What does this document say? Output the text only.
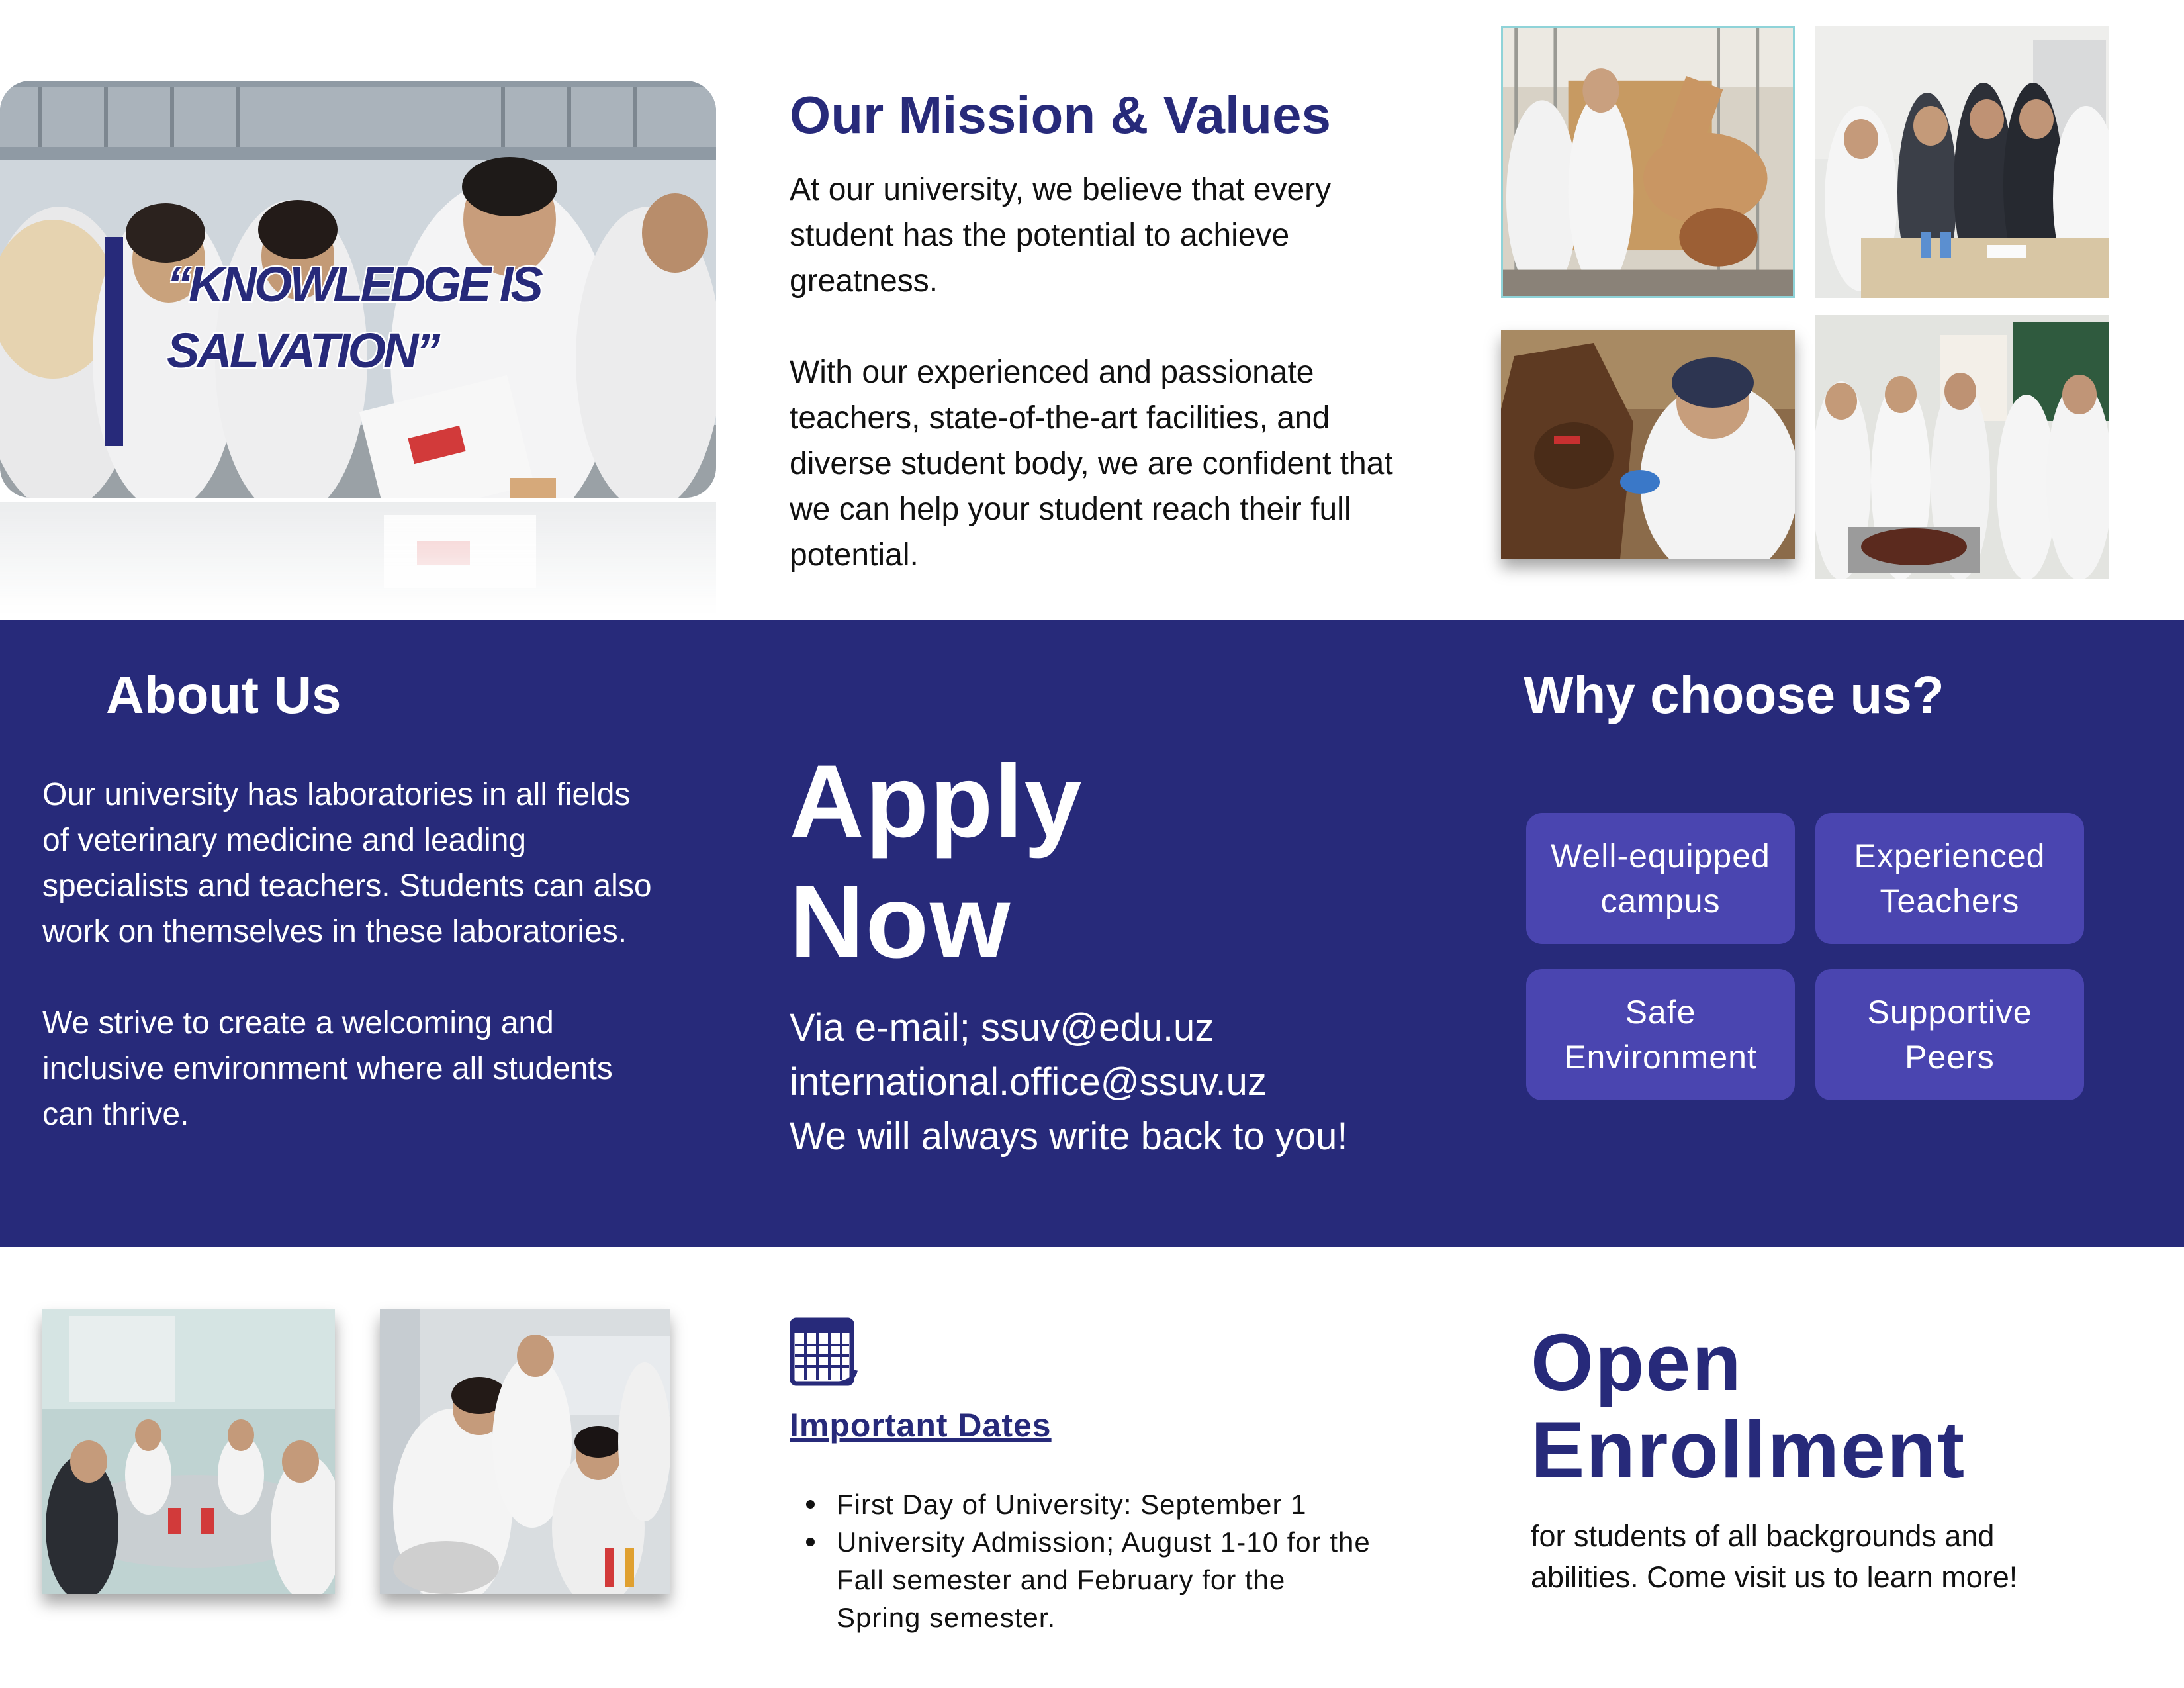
“KNOWLEDGE IS
SALVATION”
Our Mission & Values

At our university, we believe that every student has the potential to achieve greatness.

With our experienced and passionate teachers, state-of-the-art facilities, and diverse student body, we are confident that we can help your student reach their full potential.

About Us

Our university has laboratories in all fields of veterinary medicine and leading specialists and teachers. Students can also work on themselves in these laboratories.

We strive to create a welcoming and inclusive environment where all students can thrive.

Apply
Now
Via e-mail; ssuv@edu.uz
international.office@ssuv.uz
We will always write back to you!
Why choose us?
Well-equipped
campus
Experienced
Teachers
Safe
Environment
Supportive
Peers
Important Dates
First Day of University: September 1
University Admission; August 1-10 for the Fall semester and February for the Spring semester.
Open
Enrollment
for students of all backgrounds and abilities. Come visit us to learn more!
